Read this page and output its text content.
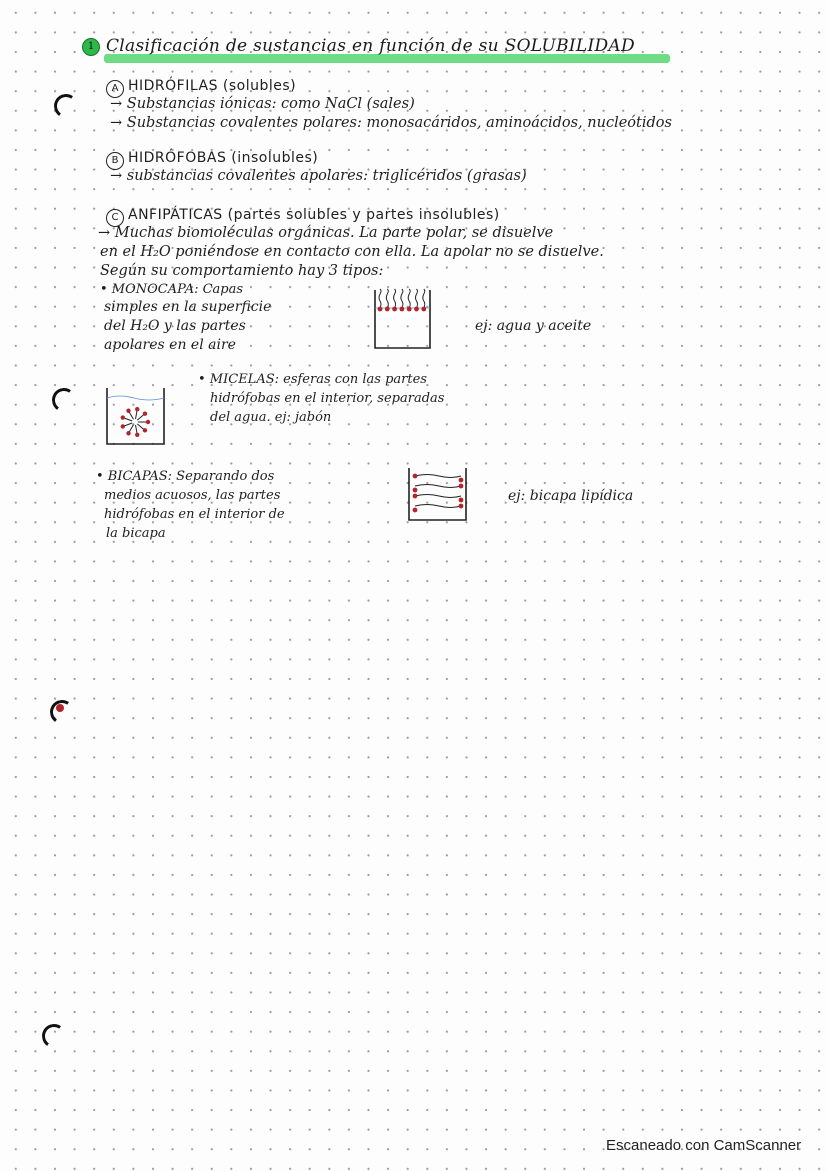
1 Clasificación de sustancias en función de su SOLUBILIDAD
A HIDRÓFILAS (solubles)
→ Substancias iónicas: como NaCl (sales)
→ Substancias covalentes polares: monosacáridos, aminoácidos, nucleótidos
B HIDRÓFOBAS (insolubles)
→ substancias covalentes apolares: triglicéridos (grasas)
C ANFIPÁTICAS (partes solubles y partes insolubles)
→ Muchas biomoléculas orgánicas. La parte polar, se disuelve
en el H₂O poniéndose en contacto con ella. La apolar no se disuelve.
Según su comportamiento hay 3 tipos:
• MONOCAPA: Capas
simples en la superficie
del H₂O y las partes
apolares en el aire
ej: agua y aceite
• MICELAS: esferas con las partes
hidrófobas en el interior, separadas
del agua. ej: jabón
• BICAPAS: Separando dos
medios acuosos, las partes
hidrófobas en el interior de
la bicapa
ej: bicapa lipídica
Escaneado con CamScanner
